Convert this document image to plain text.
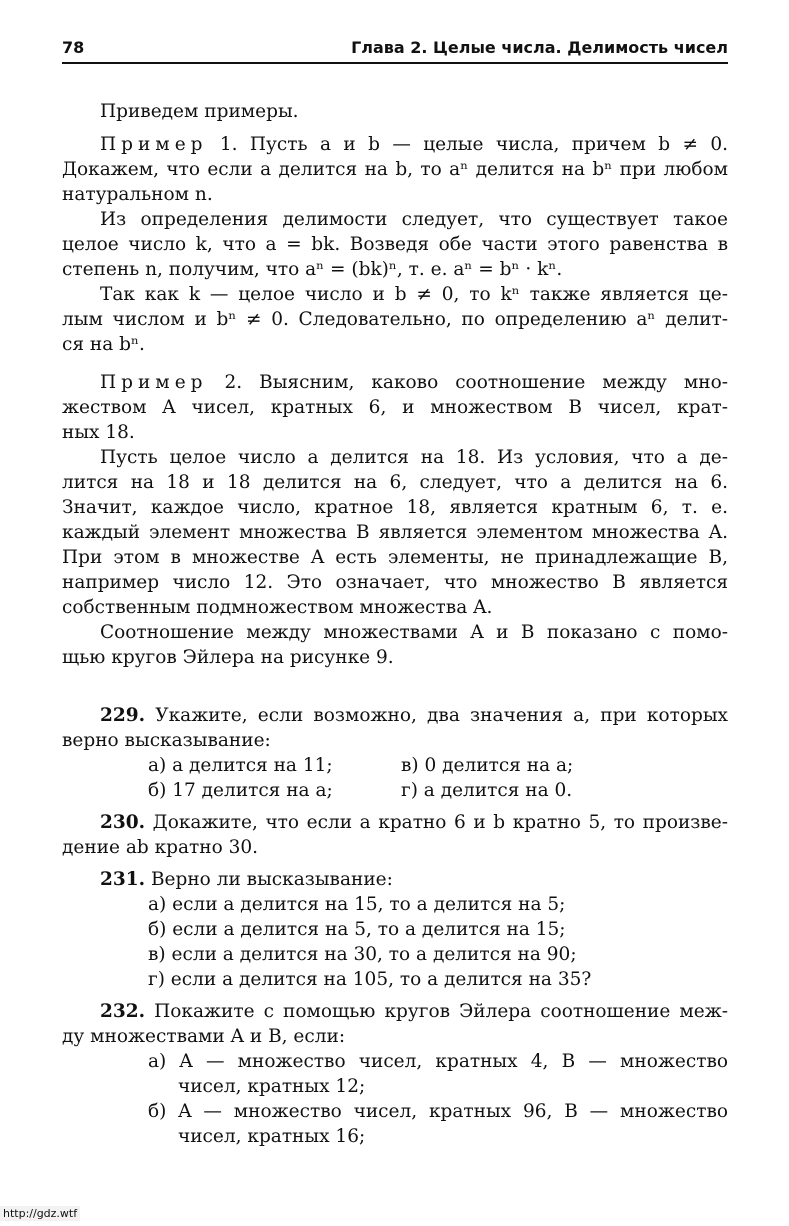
78	Глава 2. Целые числа. Делимость чисел
Приведем примеры.
Пример 1. Пусть a и b — целые числа, причем b ≠ 0.
Докажем, что если a делится на b, то aⁿ делится на bⁿ при любом
натуральном n.
Из определения делимости следует, что существует такое
целое число k, что a = bk. Возведя обе части этого равенства в
степень n, получим, что aⁿ = (bk)ⁿ, т. е. aⁿ = bⁿ · kⁿ.
Так как k — целое число и b ≠ 0, то kⁿ также является це-
лым числом и bⁿ ≠ 0. Следовательно, по определению aⁿ делит-
ся на bⁿ.
Пример 2. Выясним, каково соотношение между мно-
жеством A чисел, кратных 6, и множеством B чисел, крат-
ных 18.
Пусть целое число a делится на 18. Из условия, что a де-
лится на 18 и 18 делится на 6, следует, что a делится на 6.
Значит, каждое число, кратное 18, является кратным 6, т. е.
каждый элемент множества B является элементом множества A.
При этом в множестве A есть элементы, не принадлежащие B,
например число 12. Это означает, что множество B является
собственным подмножеством множества A.
Соотношение между множествами A и B показано с помо-
щью кругов Эйлера на рисунке 9.
229. Укажите, если возможно, два значения a, при которых
верно высказывание:
а) a делится на 11;	в) 0 делится на a;
б) 17 делится на a;	г) a делится на 0.
230. Докажите, что если a кратно 6 и b кратно 5, то произве-
дение ab кратно 30.
231. Верно ли высказывание:
а) если a делится на 15, то a делится на 5;
б) если a делится на 5, то a делится на 15;
в) если a делится на 30, то a делится на 90;
г) если a делится на 105, то a делится на 35?
232. Покажите с помощью кругов Эйлера соотношение меж-
ду множествами A и B, если:
а) A — множество чисел, кратных 4, B — множество
чисел, кратных 12;
б) A — множество чисел, кратных 96, B — множество
чисел, кратных 16;
http://gdz.wtf
